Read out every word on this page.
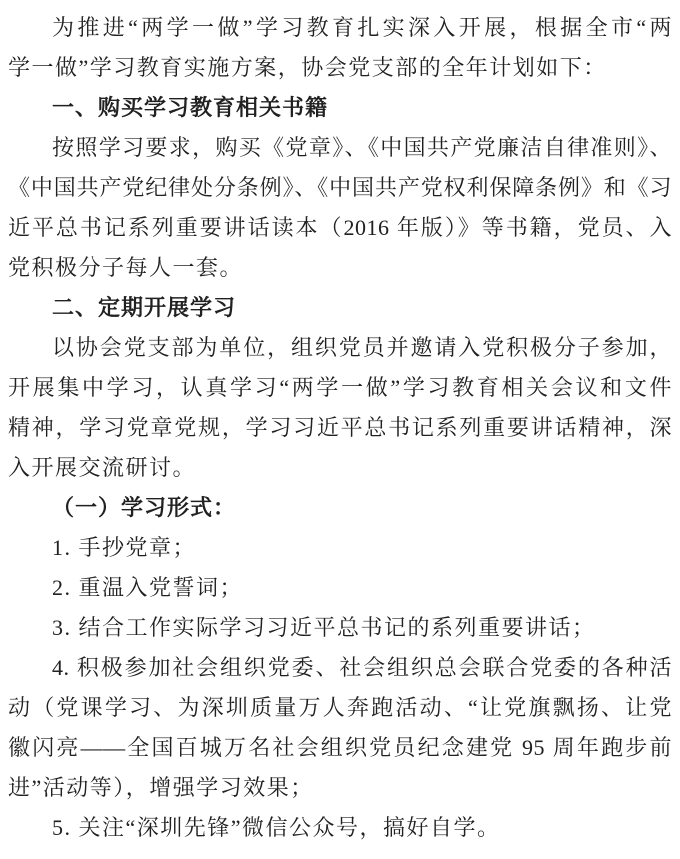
为推进“两学一做”学习教育扎实深入开展，根据全市“两
学一做”学习教育实施方案，协会党支部的全年计划如下：
一、购买学习教育相关书籍
按照学习要求，购买《党章》、《中国共产党廉洁自律准则》、
《中国共产党纪律处分条例》、《中国共产党权利保障条例》和《习
近平总书记系列重要讲话读本（2016 年版）》等书籍，党员、入
党积极分子每人一套。
二、定期开展学习
以协会党支部为单位，组织党员并邀请入党积极分子参加，
开展集中学习，认真学习“两学一做”学习教育相关会议和文件
精神，学习党章党规，学习习近平总书记系列重要讲话精神，深
入开展交流研讨。
（一）学习形式：
1. 手抄党章；
2. 重温入党誓词；
3. 结合工作实际学习习近平总书记的系列重要讲话；
4. 积极参加社会组织党委、社会组织总会联合党委的各种活
动（党课学习、为深圳质量万人奔跑活动、“让党旗飘扬、让党
徽闪亮——全国百城万名社会组织党员纪念建党 95 周年跑步前
进”活动等），增强学习效果；
5. 关注“深圳先锋”微信公众号，搞好自学。
